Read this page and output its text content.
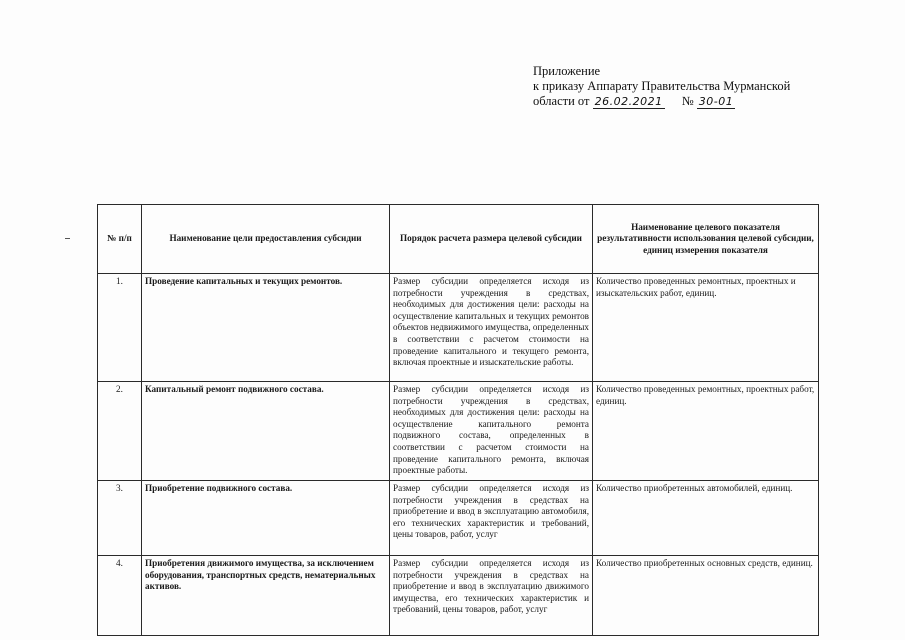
Приложение
к приказу Аппарату Правительства Мурманской
области от 26.02.2021 № 30-01
№ п/п	Наименование цели предоставления субсидии	Порядок расчета размера целевой субсидии	Наименование целевого показателя результативности использования целевой субсидии, единиц измерения показателя
1.	Проведение капитальных и текущих ремонтов.	Размер субсидии определяется исходя из потребности учреждения в средствах, необходимых для достижения цели: расходы на осуществление капитальных и текущих ремонтов объектов недвижимого имущества, определенных в соответствии с расчетом стоимости на проведение капитального и текущего ремонта, включая проектные и изыскательские работы.	Количество проведенных ремонтных, проектных и изыскательских работ, единиц.
2.	Капитальный ремонт подвижного состава.	Размер субсидии определяется исходя из потребности учреждения в средствах, необходимых для достижения цели: расходы на осуществление капитального ремонта подвижного состава, определенных в соответствии с расчетом стоимости на проведение капитального ремонта, включая проектные работы.	Количество проведенных ремонтных, проектных работ, единиц.
3.	Приобретение подвижного состава.	Размер субсидии определяется исходя из потребности учреждения в средствах на приобретение и ввод в эксплуатацию автомобиля, его технических характеристик и требований, цены товаров, работ, услуг	Количество приобретенных автомобилей, единиц.
4.	Приобретения движимого имущества, за исключением оборудования, транспортных средств, нематериальных активов.	Размер субсидии определяется исходя из потребности учреждения в средствах на приобретение и ввод в эксплуатацию движимого имущества, его технических характеристик и требований, цены товаров, работ, услуг	Количество приобретенных основных средств, единиц.
